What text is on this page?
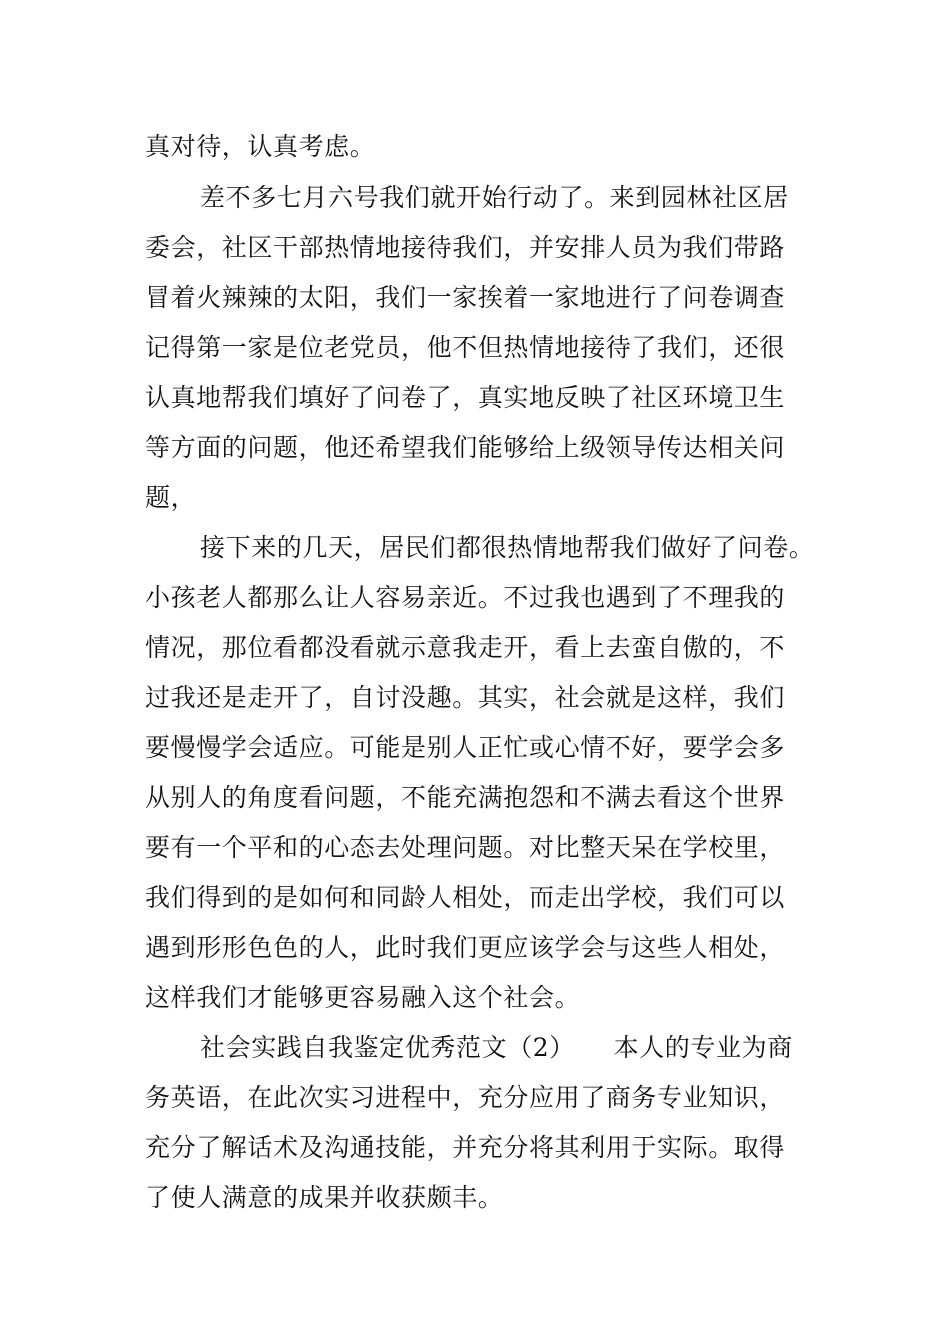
真对待，认真考虑。
差不多七月六号我们就开始行动了。来到园林社区居
委会，社区干部热情地接待我们，并安排人员为我们带路
冒着火辣辣的太阳，我们一家挨着一家地进行了问卷调查
记得第一家是位老党员，他不但热情地接待了我们，还很
认真地帮我们填好了问卷了，真实地反映了社区环境卫生
等方面的问题，他还希望我们能够给上级领导传达相关问
题，
接下来的几天，居民们都很热情地帮我们做好了问卷。
小孩老人都那么让人容易亲近。不过我也遇到了不理我的
情况，那位看都没看就示意我走开，看上去蛮自傲的，不
过我还是走开了，自讨没趣。其实，社会就是这样，我们
要慢慢学会适应。可能是别人正忙或心情不好，要学会多
从别人的角度看问题，不能充满抱怨和不满去看这个世界
要有一个平和的心态去处理问题。对比整天呆在学校里，
我们得到的是如何和同龄人相处，而走出学校，我们可以
遇到形形色色的人，此时我们更应该学会与这些人相处，
这样我们才能够更容易融入这个社会。
社会实践自我鉴定优秀范文（2）　　本人的专业为商
务英语，在此次实习进程中，充分应用了商务专业知识，
充分了解话术及沟通技能，并充分将其利用于实际。取得
了使人满意的成果并收获颇丰。
